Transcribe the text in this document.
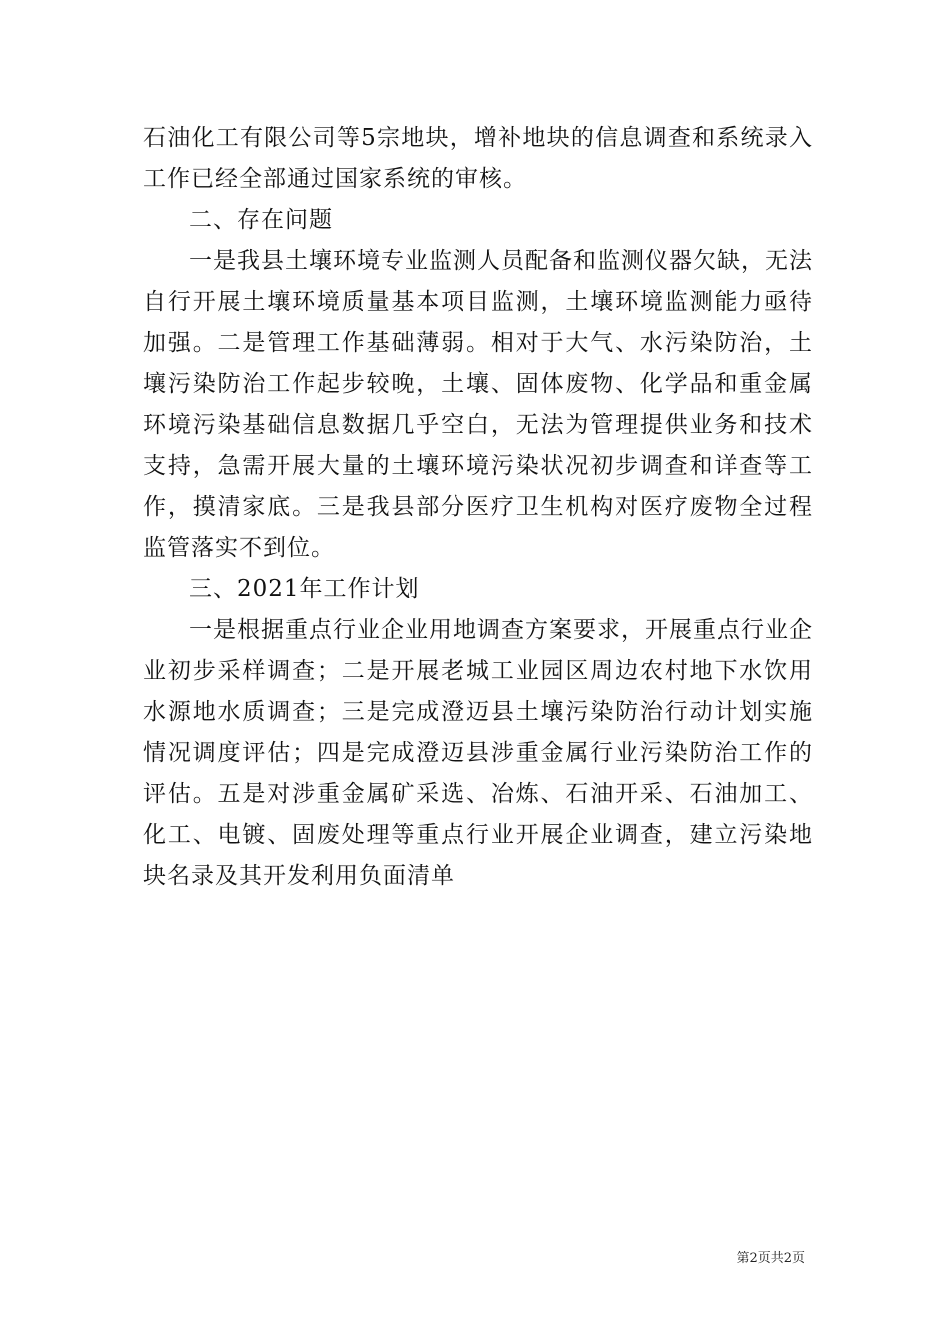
石油化工有限公司等5宗地块，增补地块的信息调查和系统录入工作已经全部通过国家系统的审核。

二、存在问题

一是我县土壤环境专业监测人员配备和监测仪器欠缺，无法自行开展土壤环境质量基本项目监测，土壤环境监测能力亟待加强。二是管理工作基础薄弱。相对于大气、水污染防治，土壤污染防治工作起步较晚，土壤、固体废物、化学品和重金属环境污染基础信息数据几乎空白，无法为管理提供业务和技术支持，急需开展大量的土壤环境污染状况初步调查和详查等工作，摸清家底。三是我县部分医疗卫生机构对医疗废物全过程监管落实不到位。

三、2021年工作计划

一是根据重点行业企业用地调查方案要求，开展重点行业企业初步采样调查；二是开展老城工业园区周边农村地下水饮用水源地水质调查；三是完成澄迈县土壤污染防治行动计划实施情况调度评估；四是完成澄迈县涉重金属行业污染防治工作的评估。五是对涉重金属矿采选、冶炼、石油开采、石油加工、化工、电镀、固废处理等重点行业开展企业调查，建立污染地块名录及其开发利用负面清单

第2页共2页
